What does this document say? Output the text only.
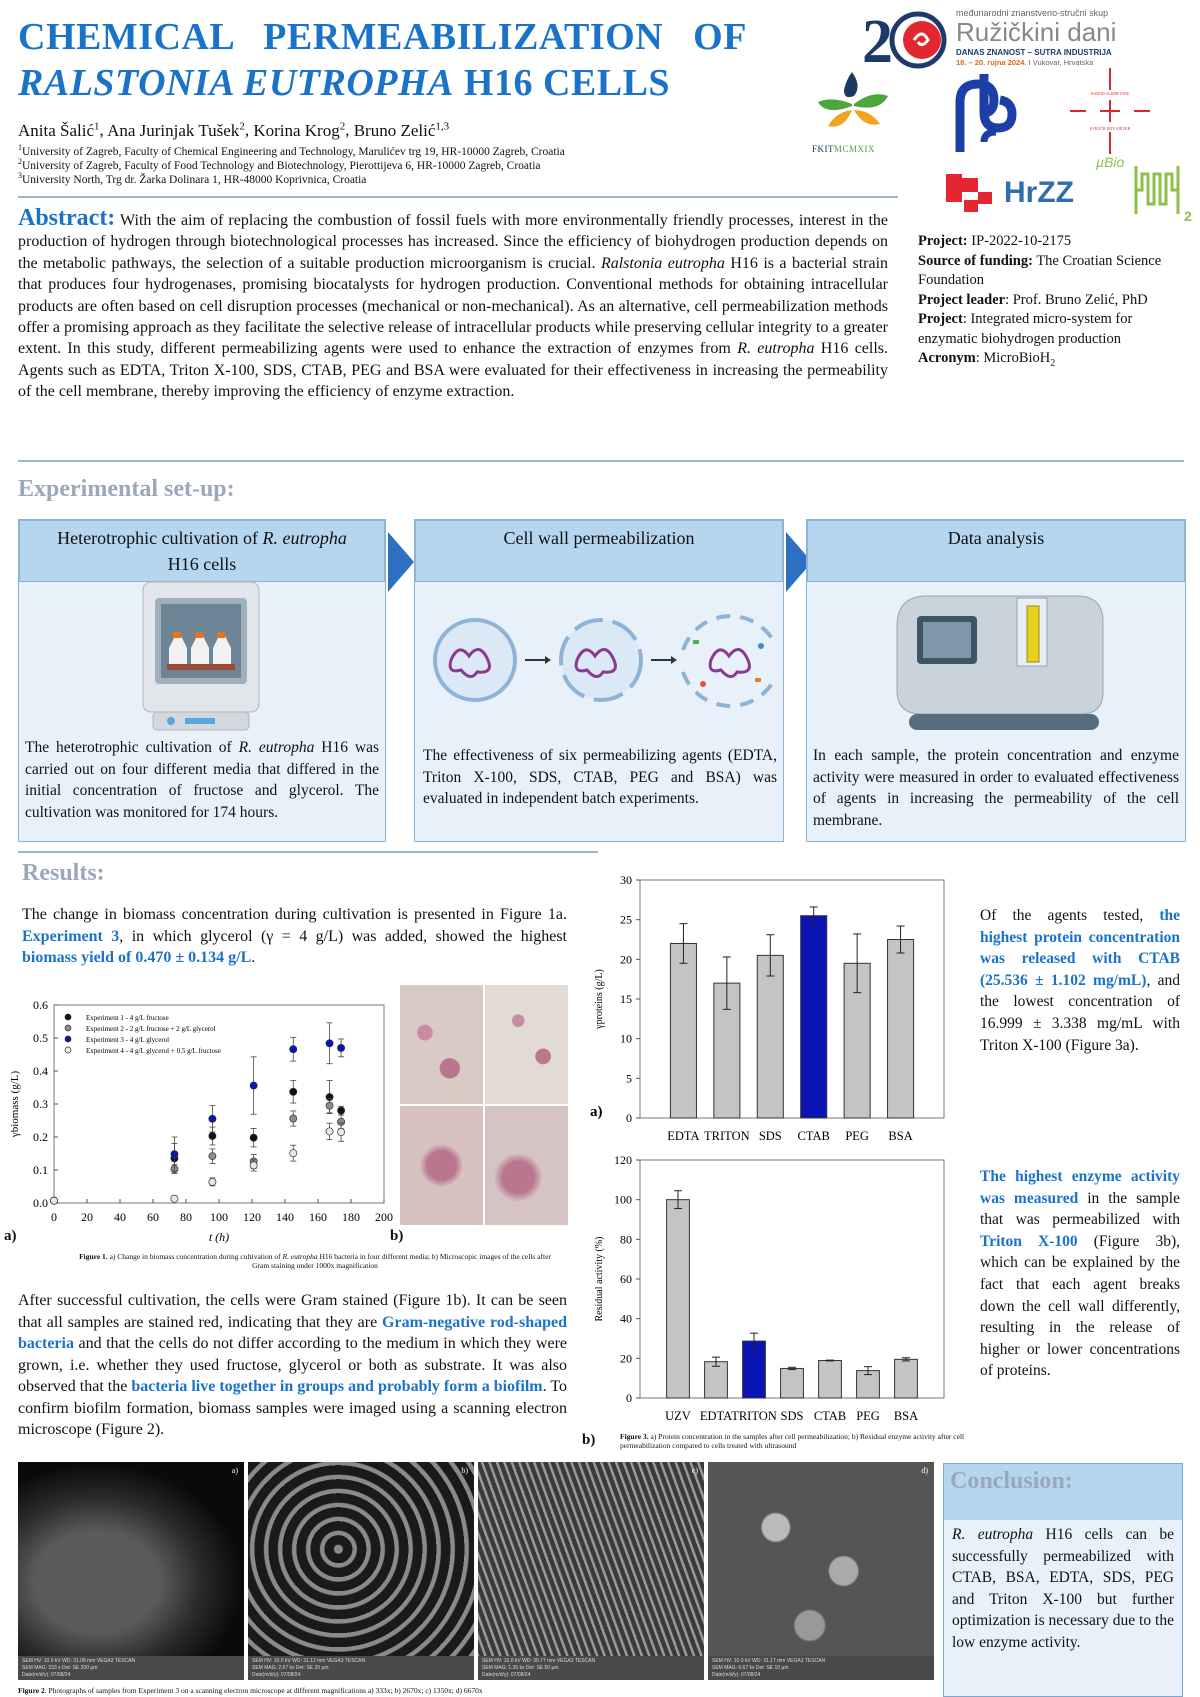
CHEMICAL   PERMEABILIZATION   OF
RALSTONIA EUTROPHA H16 CELLS
Anita Šalić$^1$, Ana Jurinjak Tušek$^2$, Korina Krog$^2$, Bruno Zelić$^{1,3}$
$^1$University of Zagreb, Faculty of Chemical Engineering and Technology, Marulićev trg 19, HR-10000 Zagreb, Croatia
$^2$University of Zagreb, Faculty of Food Technology and Biotechnology, Pierottijeva 6, HR-10000 Zagreb, Croatia
$^3$University North, Trg dr. Žarka Dolinara 1, HR-48000 Koprivnica, Croatia
2	međunarodni znanstveno-stručni skup
Ružičkini dani
DANAS ZNANOST – SUTRA INDUSTRIJA
18. – 20. rujna 2024. I Vukovar, Hrvatska
FKITMCMXIX
NAROD ALISREVINU
SVEUČILIŠTE SJEVER
HrZZ
µBio
2
Project: IP-2022-10-2175
Source of funding: The Croatian Science Foundation
Project leader: Prof. Bruno Zelić, PhD
Project: Integrated micro-system for enzymatic biohydrogen production
Acronym: MicroBioH$_2$
Abstract: With the aim of replacing the combustion of fossil fuels with more environmentally friendly processes, interest in the production of hydrogen through biotechnological processes has increased. Since the efficiency of biohydrogen production depends on the metabolic pathways, the selection of a suitable production microorganism is crucial. Ralstonia eutropha H16 is a bacterial strain that produces four hydrogenases, promising biocatalysts for hydrogen production. Conventional methods for obtaining intracellular products are often based on cell disruption processes (mechanical or non-mechanical). As an alternative, cell permeabilization methods offer a promising approach as they facilitate the selective release of intracellular products while preserving cellular integrity to a greater extent. In this study, different permeabilizing agents were used to enhance the extraction of enzymes from R. eutropha H16 cells. Agents such as EDTA, Triton X-100, SDS, CTAB, PEG and BSA were evaluated for their effectiveness in increasing the permeability of the cell membrane, thereby improving the efficiency of enzyme extraction.
Experimental set-up:
Heterotrophic cultivation of R. eutropha
H16 cells
The heterotrophic cultivation of R. eutropha H16 was carried out on four different media that differed in the initial concentration of fructose and glycerol. The cultivation was monitored for 174 hours.
Cell wall permeabilization
The effectiveness of six permeabilizing agents (EDTA, Triton X-100, SDS, CTAB, PEG and BSA) was evaluated in independent batch experiments.
Data analysis
In each sample, the protein concentration and enzyme activity were measured in order to evaluated effectiveness of agents in increasing the permeability of the cell membrane.
Results:
The change in biomass concentration during cultivation is presented in Figure 1a. Experiment 3, in which glycerol (γ = 4 g/L) was added, showed the highest biomass yield of 0.470 ± 0.134 g/L.
0.0
0.1
0.2
0.3
0.4
0.5
0.6
0 20 40 60 80 100 120 140 160 180 200
t (h)
γbiomass (g/L)
Experiment 1 - 4 g/L fructose
Experiment 2 - 2 g/L fructose + 2 g/L glycerol
Experiment 3 - 4 g/L glycerol
Experiment 4 - 4 g/L glycerol + 0.5 g/L fructose
a)	b)
Figure 1. a) Change in biomass concentration during cultivation of R. eutropha H16 bacteria in four different media; b) Microscopic images of the cells after Gram staining under 1000x magnification
After successful cultivation, the cells were Gram stained (Figure 1b). It can be seen that all samples are stained red, indicating that they are Gram-negative rod-shaped bacteria and that the cells do not differ according to the medium in which they were grown, i.e. whether they used fructose, glycerol or both as substrate. It was also observed that the bacteria live together in groups and probably form a biofilm. To confirm biofilm formation, biomass samples were imaged using a scanning electron microscope (Figure 2).
0
5
10
15
20
25
30
γproteins (g/L)
EDTA TRITON SDS CTAB PEG BSA
a)
0
20
40
60
80
100
120
Residual activity (%)
UZV EDTA TRITON SDS CTAB PEG BSA
b)	Figure 3. a) Protein concentration in the samples after cell permeabilization; b) Residual enzyme activity after cell permeabilization compared to cells treated with ultrasound
Of the agents tested, the highest protein concentration was released with CTAB (25.536 ± 1.102 mg/mL), and the lowest concentration of 16.999 ± 3.338 mg/mL with Triton X-100 (Figure 3a).
The highest enzyme activity was measured in the sample that was permeabilized with Triton X-100 (Figure 3b), which can be explained by the fact that each agent breaks down the cell wall differently, resulting in the release of higher or lower concentrations of proteins.
a)
SEM HV: 10.0 kV WD: 31.08 mm VEGA3 TESCAN
SEM MAG: 333 x Det: SE 200 µm
Date(m/d/y): 07/08/24
b)
SEM HV: 10.0 kV WD: 31.12 mm VEGA3 TESCAN
SEM MAG: 2.67 kx Det: SE 20 µm
Date(m/d/y): 07/08/24
c)
SEM HV: 10.0 kV WD: 30.77 mm VEGA3 TESCAN
SEM MAG: 1.35 kx Det: SE 50 µm
Date(m/d/y): 07/08/24
d)
SEM HV: 10.0 kV WD: 31.17 mm VEGA3 TESCAN
SEM MAG: 6.67 kx Det: SE 10 µm
Date(m/d/y): 07/08/24
Figure 2. Photographs of samples from Experiment 3 on a scanning electron microscope at different magnifications a) 333x; b) 2670x; c) 1350x; d) 6670x
Conclusion:
R. eutropha H16 cells can be successfully permeabilized with CTAB, BSA, EDTA, SDS, PEG and Triton X-100 but further optimization is necessary due to the low enzyme activity.
